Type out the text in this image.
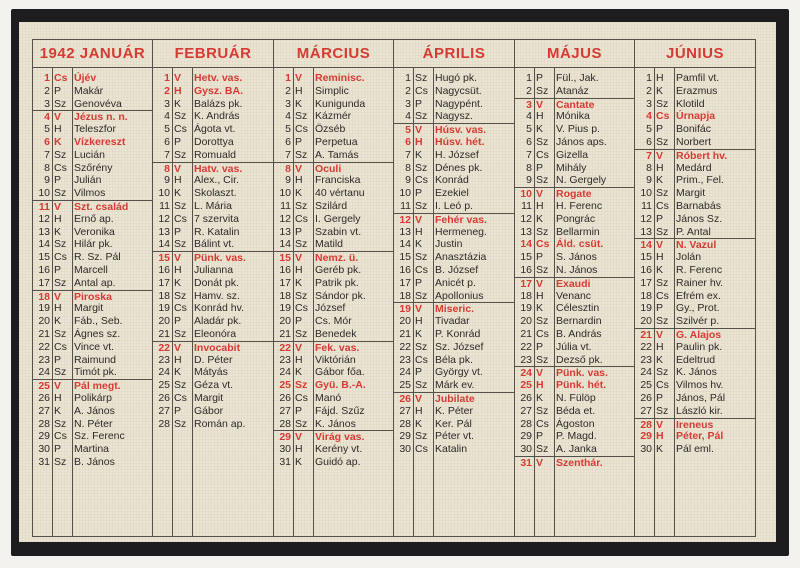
1942 JANUÁR
1 Cs Újév
2 P	Makár
3 Sz Genovéva
4 V	Jézus n. n.
5 H	Teleszfor
6 K	Vízkereszt
7 Sz Lucián
8 Cs Szőrény
9 P	Julián
10 Sz Vilmos
11 V	Szt. család
12 H	Ernő ap.
13 K	Veronika
14 Sz Hilár pk.
15 Cs R. Sz. Pál
16 P	Marcell
17 Sz Antal ap.
18 V	Piroska
19 H	Margit
20 K	Fáb., Seb.
21 Sz Ágnes sz.
22 Cs Vince vt.
23 P	Raimund
24 Sz Timót pk.
25 V	Pál megt.
26 H	Polikárp
27 K	A. János
28 Sz N. Péter
29 Cs Sz. Ferenc
30 P	Martina
31 Sz B. János
FEBRUÁR
1 V	Hetv. vas.
2 H	Gysz. BA.
3 K	Balázs pk.
4 Sz K. András
5 Cs Ágota vt.
6 P	Dorottya
7 Sz Romuald
8 V	Hatv. vas.
9 H	Alex., Cir.
10 K	Skolaszt.
11 Sz L. Mária
12 Cs 7 szervita
13 P	R. Katalin
14 Sz Bálint vt.
15 V	Pünk. vas.
16 H	Julianna
17 K	Donát pk.
18 Sz Hamv. sz.
19 Cs Konrád hv.
20 P	Aladár pk.
21 Sz Eleonóra
22 V	Invocabit
23 H	D. Péter
24 K	Mátyás
25 Sz Géza vt.
26 Cs Margit
27 P	Gábor
28 Sz Román ap.
MÁRCIUS
1 V	Reminisc.
2 H	Simplic
3 K	Kunigunda
4 Sz Kázmér
5 Cs Özséb
6 P	Perpetua
7 Sz A. Tamás
8 V	Oculi
9 H	Franciska
10 K	40 vértanu
11 Sz Szilárd
12 Cs I. Gergely
13 P	Szabin vt.
14 Sz Matild
15 V	Nemz. ü.
16 H	Geréb pk.
17 K	Patrik pk.
18 Sz Sándor pk.
19 Cs József
20 P	Cs. Mór
21 Sz Benedek
22 V	Fek. vas.
23 H	Viktórián
24 K	Gábor főa.
25 Sz Gyü. B.-A.
26 Cs Manó
27 P	Fájd. Szűz
28 Sz K. János
29 V	Virág vas.
30 H	Kerény vt.
31 K	Guidó ap.
ÁPRILIS
1 Sz Hugó pk.
2 Cs Nagycsüt.
3 P	Nagypént.
4 Sz Nagysz.
5 V	Húsv. vas.
6 H	Húsv. hét.
7 K	H. József
8 Sz Dénes pk.
9 Cs Konrád
10 P	Ezekiel
11 Sz I. Leó p.
12 V	Fehér vas.
13 H	Hermeneg.
14 K	Justin
15 Sz Anasztázia
16 Cs B. József
17 P	Anicét p.
18 Sz Apollonius
19 V	Miseric.
20 H	Tivadar
21 K	P. Konrád
22 Sz Sz. József
23 Cs Béla pk.
24 P	György vt.
25 Sz Márk ev.
26 V	Jubilate
27 H	K. Péter
28 K	Ker. Pál
29 Sz Péter vt.
30 Cs Katalin
MÁJUS
1 P	Fül., Jak.
2 Sz Atanáz
3 V	Cantate
4 H	Mónika
5 K	V. Pius p.
6 Sz János aps.
7 Cs Gizella
8 P	Mihály
9 Sz N. Gergely
10 V	Rogate
11 H	H. Ferenc
12 K	Pongrác
13 Sz Bellarmin
14 Cs Áld. csüt.
15 P	S. János
16 Sz N. János
17 V	Exaudi
18 H	Venanc
19 K	Célesztin
20 Sz Bernardin
21 Cs B. András
22 P	Júlia vt.
23 Sz Dezső pk.
24 V	Pünk. vas.
25 H	Pünk. hét.
26 K	N. Fülöp
27 Sz Béda et.
28 Cs Ágoston
29 P	P. Magd.
30 Sz A. Janka
31 V	Szenthár.
JÚNIUS
1 H	Pamfil vt.
2 K	Erazmus
3 Sz Klotild
4 Cs Úrnapja
5 P	Bonifác
6 Sz Norbert
7 V	Róbert hv.
8 H	Medárd
9 K	Prim., Fel.
10 Sz Margit
11 Cs Barnabás
12 P	János Sz.
13 Sz P. Antal
14 V	N. Vazul
15 H	Jolán
16 K	R. Ferenc
17 Sz Rainer hv.
18 Cs Efrém ex.
19 P	Gy., Prot.
20 Sz Szilvér p.
21 V	G. Alajos
22 H	Paulin pk.
23 K	Edeltrud
24 Sz K. János
25 Cs Vilmos hv.
26 P	János, Pál
27 Sz László kir.
28 V	Ireneus
29 H	Péter, Pál
30 K	Pál eml.
